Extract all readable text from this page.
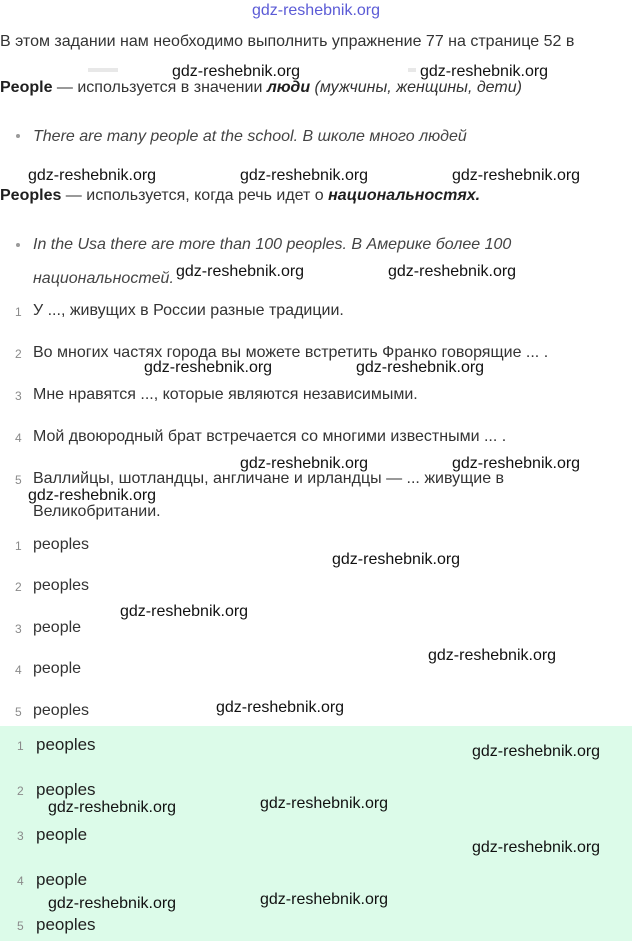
gdz-reshebnik.org
В этом задании нам необходимо выполнить упражнение 77 на странице 52 в
People — используется в значении люди (мужчины, женщины, дети)
There are many people at the school. В школе много людей
Peoples — используется, когда речь идет о национальностях.
In the Usa there are more than 100 peoples. В Америке более 100
национальностей.
1 У ..., живущих в России разные традиции.
2 Во многих частях города вы можете встретить Франко говорящие ... .
3 Мне нравятся ..., которые являются независимыми.
4 Мой двоюродный брат встречается со многими известными ... .
5 Валлийцы, шотландцы, англичане и ирландцы — ... живущие в
Великобритании.
1 peoples
2 peoples
3 people
4 people
5 peoples
1 peoples
2 peoples
3 people
4 people
5 peoples
gdz-reshebnik.org	gdz-reshebnik.org
gdz-reshebnik.org	gdz-reshebnik.org	gdz-reshebnik.org
gdz-reshebnik.org	gdz-reshebnik.org
gdz-reshebnik.org	gdz-reshebnik.org
gdz-reshebnik.org	gdz-reshebnik.org
gdz-reshebnik.org
gdz-reshebnik.org
gdz-reshebnik.org
gdz-reshebnik.org
gdz-reshebnik.org
gdz-reshebnik.org
gdz-reshebnik.org
gdz-reshebnik.org
gdz-reshebnik.org
gdz-reshebnik.org
gdz-reshebnik.org
